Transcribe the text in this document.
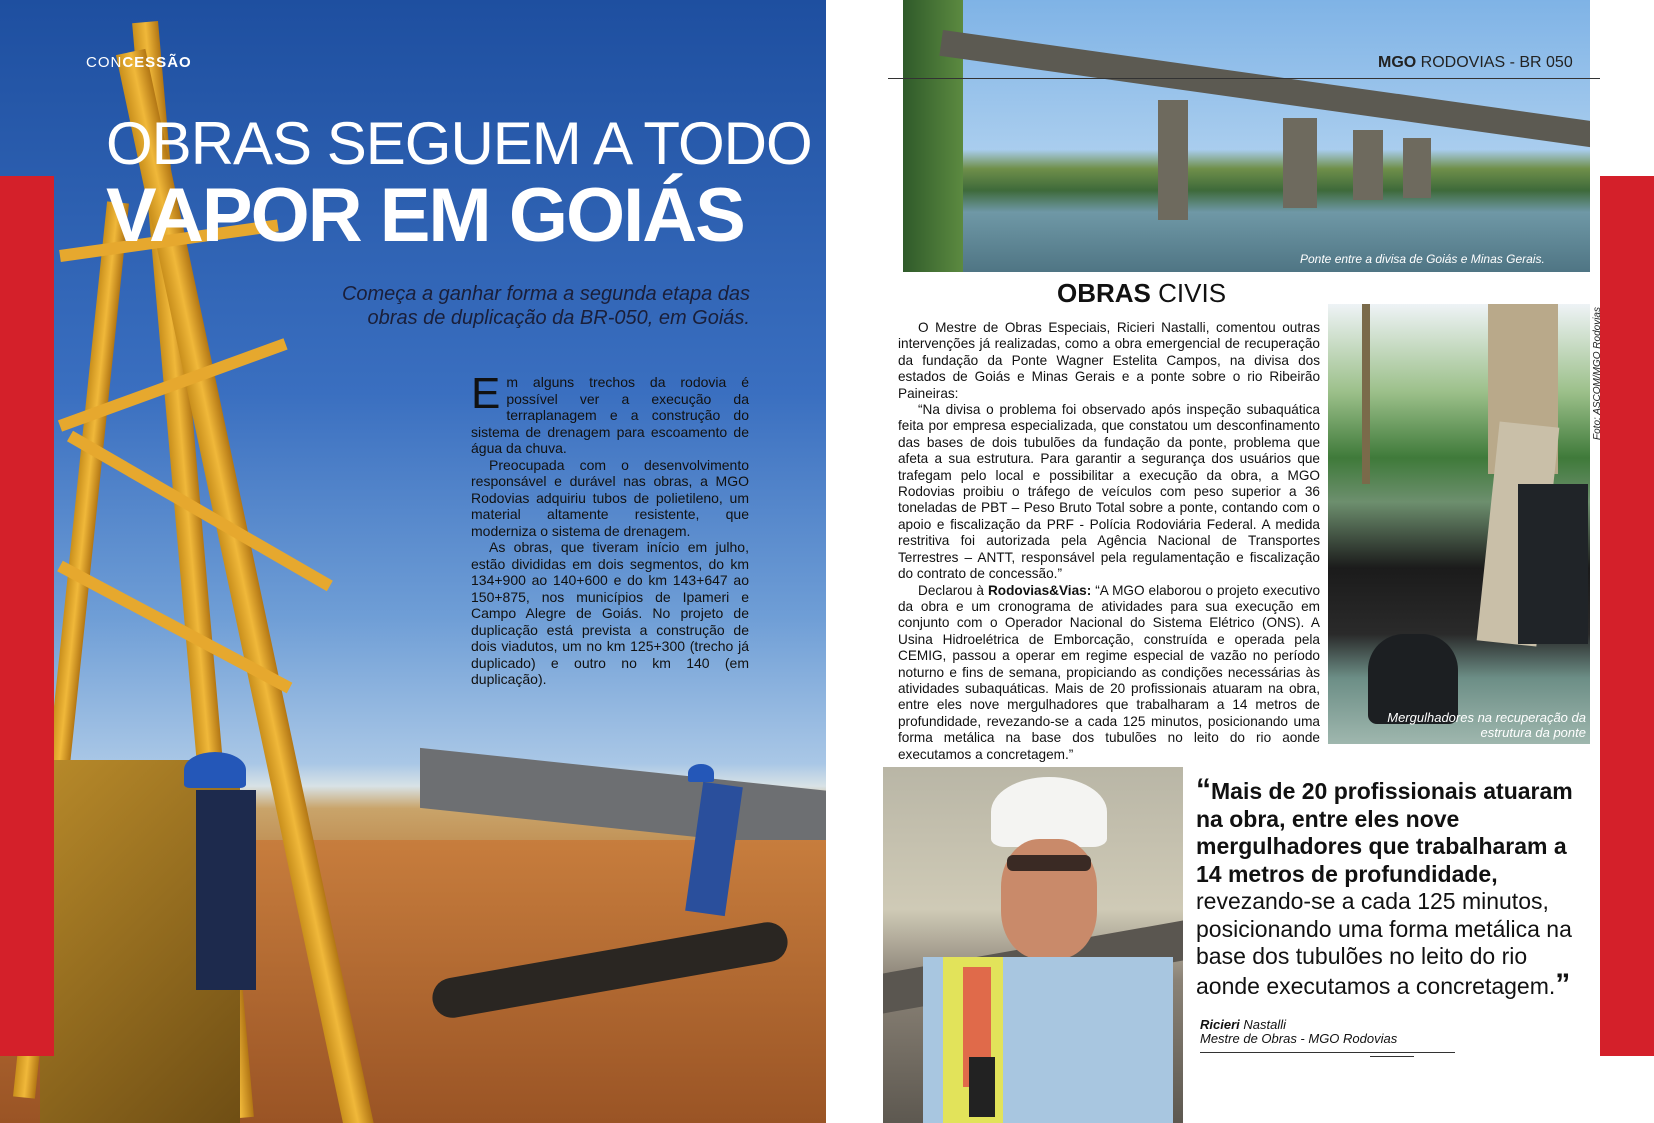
CONCESSÃO
OBRAS SEGUEM A TODO
VAPOR EM GOIÁS
Começa a ganhar forma a segunda etapa das obras de duplicação da BR-050, em Goiás.

Em alguns trechos da rodovia é possível ver a execução da terraplanagem e a construção do sistema de drenagem para escoamento de água da chuva.

Preocupada com o desenvolvimento responsável e durável nas obras, a MGO Rodovias adquiriu tubos de polietileno, um material altamente resistente, que moderniza o sistema de drenagem.

As obras, que tiveram início em julho, estão divididas em dois segmentos, do km 134+900 ao 140+600 e do km 143+647 ao 150+875, nos municípios de Ipameri e Campo Alegre de Goiás. No projeto de duplicação está prevista a construção de dois viadutos, um no km 125+300 (trecho já duplicado) e outro no km 140 (em duplicação).

MGO RODOVIAS - BR 050
Ponte entre a divisa de Goiás e Minas Gerais.
OBRAS CIVIS

O Mestre de Obras Especiais, Ricieri Nastalli, comentou outras intervenções já realizadas, como a obra emergencial de recuperação da fundação da Ponte Wagner Estelita Campos, na divisa dos estados de Goiás e Minas Gerais e a ponte sobre o rio Ribeirão Paineiras:

“Na divisa o problema foi observado após inspeção subaquática feita por empresa especializada, que constatou um desconfinamento das bases de dois tubulões da fundação da ponte, problema que afeta a sua estrutura. Para garantir a segurança dos usuários que trafegam pelo local e possibilitar a execução da obra, a MGO Rodovias proibiu o tráfego de veículos com peso superior a 36 toneladas de PBT – Peso Bruto Total sobre a ponte, contando com o apoio e fiscalização da PRF - Polícia Rodoviária Federal. A medida restritiva foi autorizada pela Agência Nacional de Transportes Terrestres – ANTT, responsável pela regulamentação e fiscalização do contrato de concessão.”

Declarou à Rodovias&Vias: “A MGO elaborou o projeto executivo da obra e um cronograma de atividades para sua execução em conjunto com o Operador Nacional do Sistema Elétrico (ONS). A Usina Hidroelétrica de Emborcação, construída e operada pela CEMIG, passou a operar em regime especial de vazão no período noturno e fins de semana, propiciando as condições necessárias às atividades subaquáticas. Mais de 20 profissionais atuaram na obra, entre eles nove mergulhadores que trabalharam a 14 metros de profundidade, revezando-se a cada 125 minutos, posicionando uma forma metálica na base dos tubulões no leito do rio aonde executamos a concretagem.”

Mergulhadores na recuperação da estrutura da ponte
Foto: ASCOM/MGO Rodovias
“Mais de 20 profissionais atuaram na obra, entre eles nove mergulhadores que trabalharam a 14 metros de profundidade, revezando-se a cada 125 minutos, posicionando uma forma metálica na base dos tubulões no leito do rio aonde executamos a concretagem.”
Ricieri Nastalli
Mestre de Obras - MGO Rodovias
